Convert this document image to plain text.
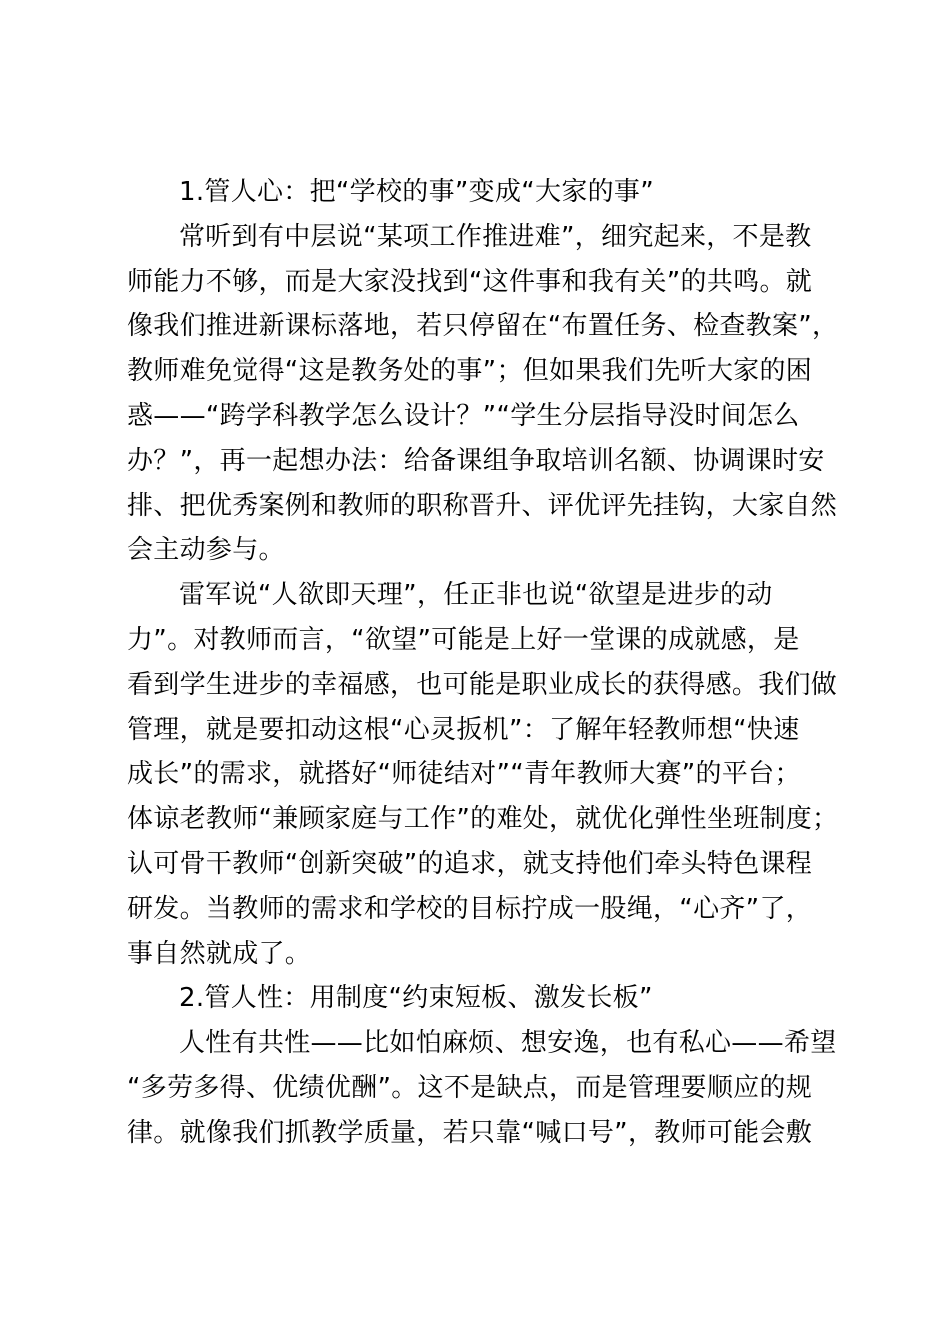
1.管人心：把“学校的事”变成“大家的事”
常听到有中层说“某项工作推进难”，细究起来，不是教
师能力不够，而是大家没找到“这件事和我有关”的共鸣。就
像我们推进新课标落地，若只停留在“布置任务、检查教案”，
教师难免觉得“这是教务处的事”；但如果我们先听大家的困
惑——“跨学科教学怎么设计？”“学生分层指导没时间怎么
办？”，再一起想办法：给备课组争取培训名额、协调课时安
排、把优秀案例和教师的职称晋升、评优评先挂钩，大家自然
会主动参与。
雷军说“人欲即天理”，任正非也说“欲望是进步的动
力”。对教师而言，“欲望”可能是上好一堂课的成就感，是
看到学生进步的幸福感，也可能是职业成长的获得感。我们做
管理，就是要扣动这根“心灵扳机”：了解年轻教师想“快速
成长”的需求，就搭好“师徒结对”“青年教师大赛”的平台；
体谅老教师“兼顾家庭与工作”的难处，就优化弹性坐班制度；
认可骨干教师“创新突破”的追求，就支持他们牵头特色课程
研发。当教师的需求和学校的目标拧成一股绳，“心齐”了，
事自然就成了。
2.管人性：用制度“约束短板、激发长板”
人性有共性——比如怕麻烦、想安逸，也有私心——希望
“多劳多得、优绩优酬”。这不是缺点，而是管理要顺应的规
律。就像我们抓教学质量，若只靠“喊口号”，教师可能会敷
